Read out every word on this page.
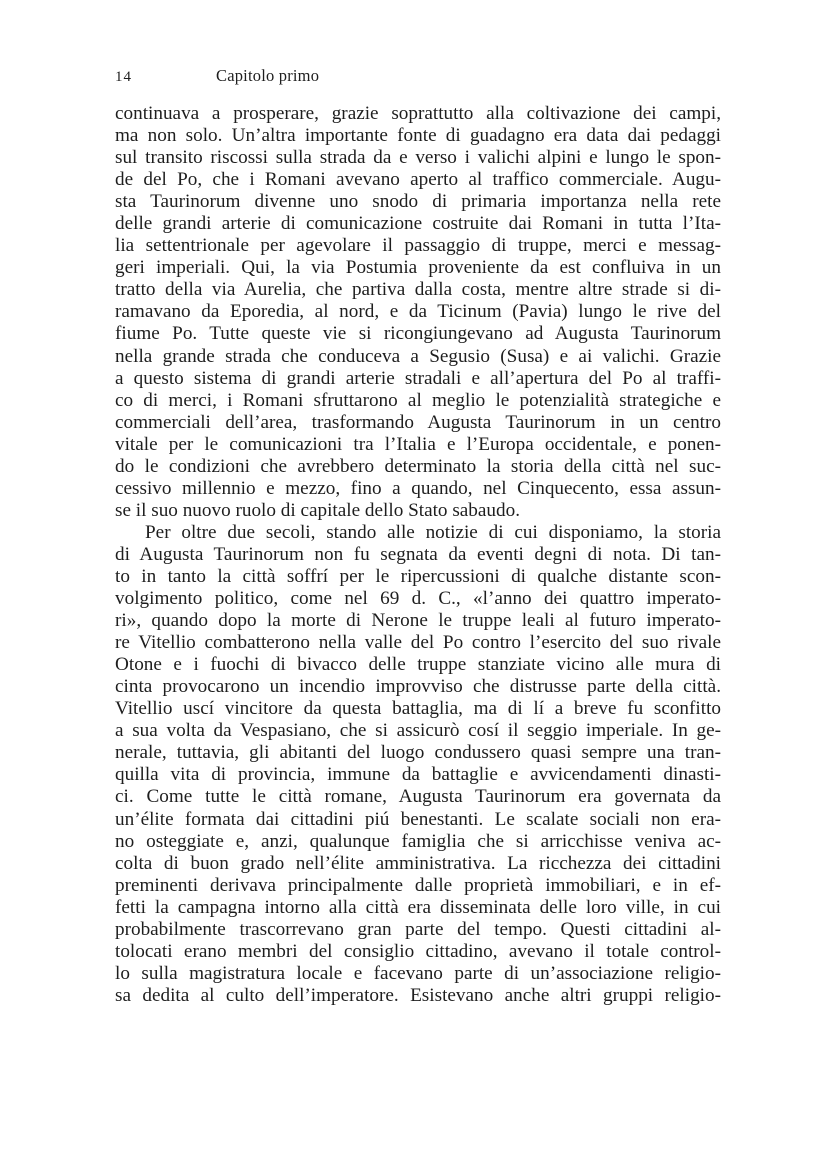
14	Capitolo primo
continuava a prosperare, grazie soprattutto alla coltivazione dei campi,
ma non solo. Un’altra importante fonte di guadagno era data dai pedaggi
sul transito riscossi sulla strada da e verso i valichi alpini e lungo le spon-
de del Po, che i Romani avevano aperto al traffico commerciale. Augu-
sta Taurinorum divenne uno snodo di primaria importanza nella rete
delle grandi arterie di comunicazione costruite dai Romani in tutta l’Ita-
lia settentrionale per agevolare il passaggio di truppe, merci e messag-
geri imperiali. Qui, la via Postumia proveniente da est confluiva in un
tratto della via Aurelia, che partiva dalla costa, mentre altre strade si di-
ramavano da Eporedia, al nord, e da Ticinum (Pavia) lungo le rive del
fiume Po. Tutte queste vie si ricongiungevano ad Augusta Taurinorum
nella grande strada che conduceva a Segusio (Susa) e ai valichi. Grazie
a questo sistema di grandi arterie stradali e all’apertura del Po al traffi-
co di merci, i Romani sfruttarono al meglio le potenzialità strategiche e
commerciali dell’area, trasformando Augusta Taurinorum in un centro
vitale per le comunicazioni tra l’Italia e l’Europa occidentale, e ponen-
do le condizioni che avrebbero determinato la storia della città nel suc-
cessivo millennio e mezzo, fino a quando, nel Cinquecento, essa assun-
se il suo nuovo ruolo di capitale dello Stato sabaudo.
Per oltre due secoli, stando alle notizie di cui disponiamo, la storia
di Augusta Taurinorum non fu segnata da eventi degni di nota. Di tan-
to in tanto la città soffrí per le ripercussioni di qualche distante scon-
volgimento politico, come nel 69 d. C., «l’anno dei quattro imperato-
ri», quando dopo la morte di Nerone le truppe leali al futuro imperato-
re Vitellio combatterono nella valle del Po contro l’esercito del suo rivale
Otone e i fuochi di bivacco delle truppe stanziate vicino alle mura di
cinta provocarono un incendio improvviso che distrusse parte della città.
Vitellio uscí vincitore da questa battaglia, ma di lí a breve fu sconfitto
a sua volta da Vespasiano, che si assicurò cosí il seggio imperiale. In ge-
nerale, tuttavia, gli abitanti del luogo condussero quasi sempre una tran-
quilla vita di provincia, immune da battaglie e avvicendamenti dinasti-
ci. Come tutte le città romane, Augusta Taurinorum era governata da
un’élite formata dai cittadini piú benestanti. Le scalate sociali non era-
no osteggiate e, anzi, qualunque famiglia che si arricchisse veniva ac-
colta di buon grado nell’élite amministrativa. La ricchezza dei cittadini
preminenti derivava principalmente dalle proprietà immobiliari, e in ef-
fetti la campagna intorno alla città era disseminata delle loro ville, in cui
probabilmente trascorrevano gran parte del tempo. Questi cittadini al-
tolocati erano membri del consiglio cittadino, avevano il totale control-
lo sulla magistratura locale e facevano parte di un’associazione religio-
sa dedita al culto dell’imperatore. Esistevano anche altri gruppi religio-
